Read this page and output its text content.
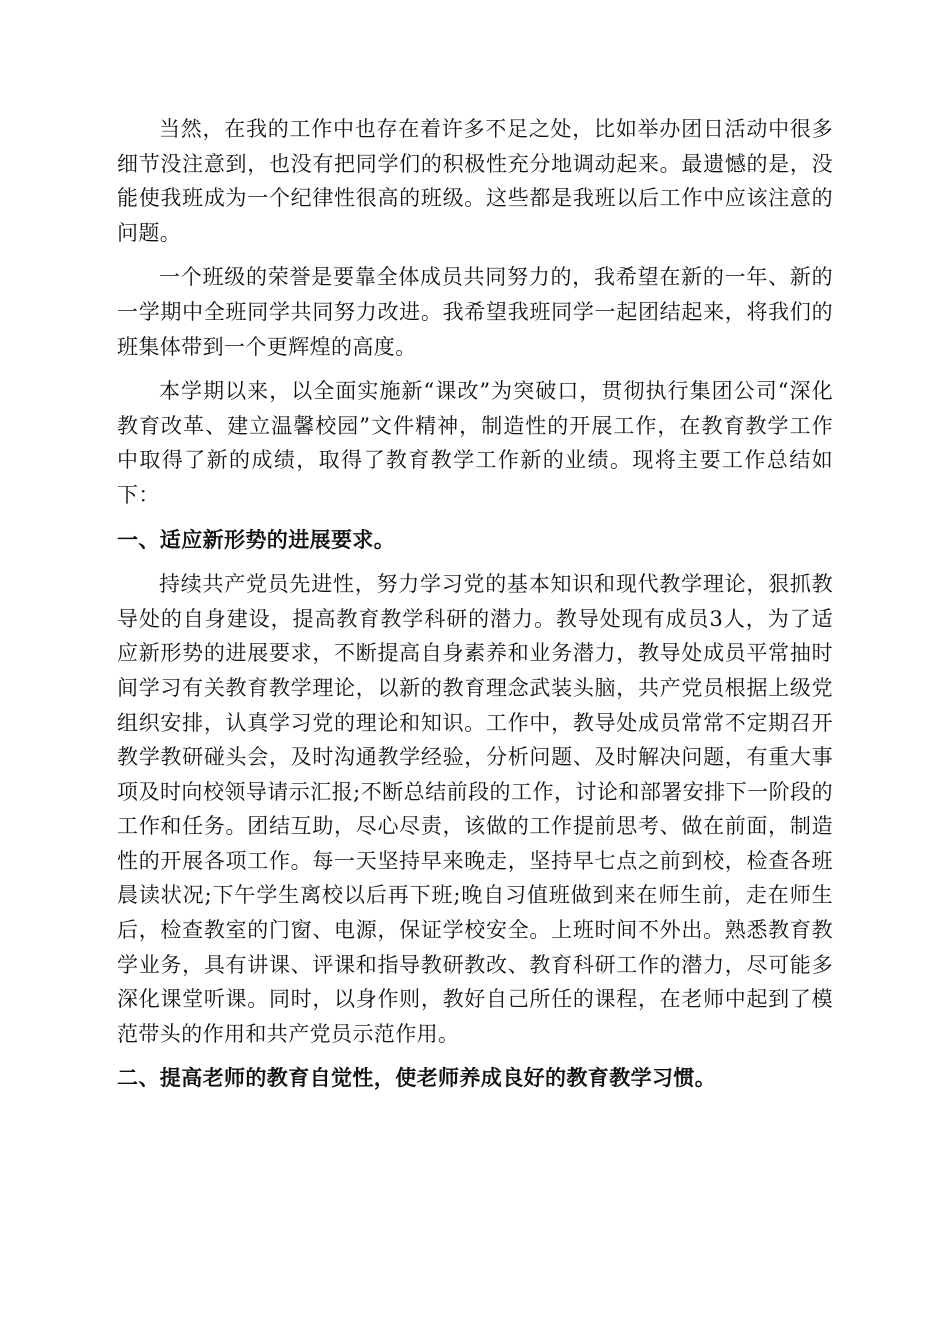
当然，在我的工作中也存在着许多不足之处，比如举办团日活动中很多细节没注意到，也没有把同学们的积极性充分地调动起来。最遗憾的是，没能使我班成为一个纪律性很高的班级。这些都是我班以后工作中应该注意的问题。

一个班级的荣誉是要靠全体成员共同努力的，我希望在新的一年、新的一学期中全班同学共同努力改进。我希望我班同学一起团结起来，将我们的班集体带到一个更辉煌的高度。

本学期以来，以全面实施新“课改”为突破口，贯彻执行集团公司“深化教育改革、建立温馨校园”文件精神，制造性的开展工作，在教育教学工作中取得了新的成绩，取得了教育教学工作新的业绩。现将主要工作总结如下：

一、适应新形势的进展要求。

持续共产党员先进性，努力学习党的基本知识和现代教学理论，狠抓教导处的自身建设，提高教育教学科研的潜力。教导处现有成员3人，为了适应新形势的进展要求，不断提高自身素养和业务潜力，教导处成员平常抽时间学习有关教育教学理论，以新的教育理念武装头脑，共产党员根据上级党组织安排，认真学习党的理论和知识。工作中，教导处成员常常不定期召开教学教研碰头会，及时沟通教学经验，分析问题、及时解决问题，有重大事项及时向校领导请示汇报;不断总结前段的工作，讨论和部署安排下一阶段的工作和任务。团结互助，尽心尽责，该做的工作提前思考、做在前面，制造性的开展各项工作。每一天坚持早来晚走，坚持早七点之前到校，检查各班晨读状况;下午学生离校以后再下班;晚自习值班做到来在师生前，走在师生后，检查教室的门窗、电源，保证学校安全。上班时间不外出。熟悉教育教学业务，具有讲课、评课和指导教研教改、教育科研工作的潜力，尽可能多深化课堂听课。同时，以身作则，教好自己所任的课程，在老师中起到了模范带头的作用和共产党员示范作用。

二、提高老师的教育自觉性，使老师养成良好的教育教学习惯。
